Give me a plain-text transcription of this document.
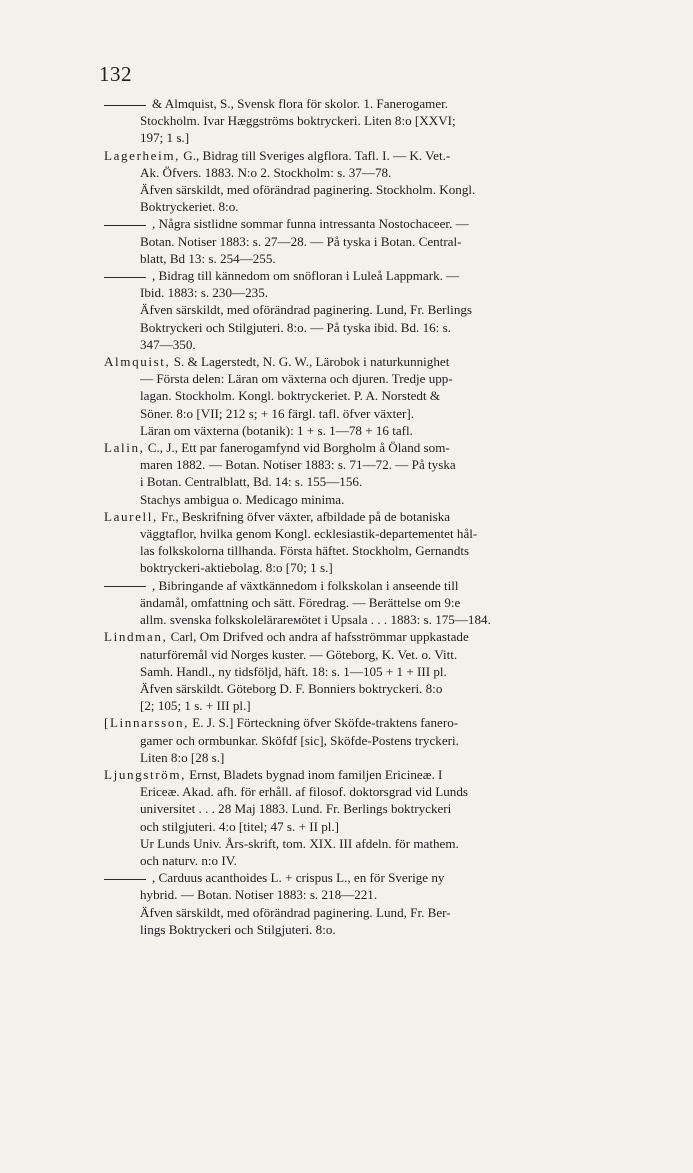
132
& Almquist, S., Svensk flora för skolor. 1. Fanerogamer.
Stockholm. Ivar Hæggströms boktryckeri. Liten 8:o [XXVI;
197; 1 s.]
Lagerheim, G., Bidrag till Sveriges algflora. Tafl. I. — K. Vet.-
Ak. Öfvers. 1883. N:o 2. Stockholm: s. 37—78.
Äfven särskildt, med oförändrad paginering. Stockholm. Kongl.
Boktryckeriet. 8:o.
, Några sistlidne sommar funna intressanta Nostochaceer. —
Botan. Notiser 1883: s. 27—28. — På tyska i Botan. Central-
blatt, Bd 13: s. 254—255.
, Bidrag till kännedom om snöfloran i Luleå Lappmark. —
Ibid. 1883: s. 230—235.
Äfven särskildt, med oförändrad paginering. Lund, Fr. Berlings
Boktryckeri och Stilgjuteri. 8:o. — På tyska ibid. Bd. 16: s.
347—350.
Almquist, S. & Lagerstedt, N. G. W., Lärobok i naturkunnighet
— Första delen: Läran om växterna och djuren. Tredje upp-
lagan. Stockholm. Kongl. boktryckeriet. P. A. Norstedt &
Söner. 8:o [VII; 212 s; + 16 färgl. tafl. öfver växter].
Läran om växterna (botanik): 1 + s. 1—78 + 16 tafl.
Lalin, C., J., Ett par fanerogamfynd vid Borgholm å Öland som-
maren 1882. — Botan. Notiser 1883: s. 71—72. — På tyska
i Botan. Centralblatt, Bd. 14: s. 155—156.
Stachys ambigua o. Medicago minima.
Laurell, Fr., Beskrifning öfver växter, afbildade på de botaniska
väggtaflor, hvilka genom Kongl. ecklesiastik-departementet hål-
las folkskolorna tillhanda. Första häftet. Stockholm, Gernandts
boktryckeri-aktiebolag. 8:o [70; 1 s.]
, Bibringande af växtkännedom i folkskolan i anseende till
ändamål, omfattning och sätt. Föredrag. — Berättelse om 9:e
allm. svenska folkskolelärareмötet i Upsala . . . 1883: s. 175—184.
Lindman, Carl, Om Drifved och andra af hafsströmmar uppkastade
naturföremål vid Norges kuster. — Göteborg, K. Vet. o. Vitt.
Samh. Handl., ny tidsföljd, häft. 18: s. 1—105 + 1 + III pl.
Äfven särskildt. Göteborg D. F. Bonniers boktryckeri. 8:o
[2; 105; 1 s. + III pl.]
[Linnarsson, E. J. S.] Förteckning öfver Sköfde-traktens fanero-
gamer och ormbunkar. Sköfdf [sic], Sköfde-Postens tryckeri.
Liten 8:o [28 s.]
Ljungström, Ernst, Bladets bygnad inom familjen Ericineæ. I
Ericeæ. Akad. afh. för erhåll. af filosof. doktorsgrad vid Lunds
universitet . . . 28 Maj 1883. Lund. Fr. Berlings boktryckeri
och stilgjuteri. 4:o [titel; 47 s. + II pl.]
Ur Lunds Univ. Års-skrift, tom. XIX. III afdeln. för mathem.
och naturv. n:o IV.
, Carduus acanthoides L. + crispus L., en för Sverige ny
hybrid. — Botan. Notiser 1883: s. 218—221.
Äfven särskildt, med oförändrad paginering. Lund, Fr. Ber-
lings Boktryckeri och Stilgjuteri. 8:o.
